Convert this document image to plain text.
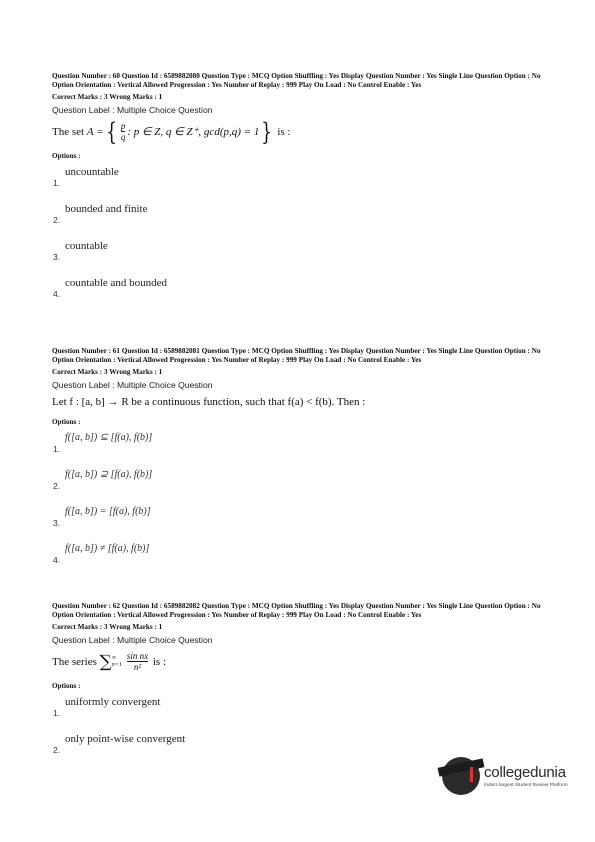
Question Number : 60 Question Id : 6589882080 Question Type : MCQ Option Shuffling : Yes Display Question Number : Yes Single Line Question Option : No Option Orientation : Vertical Allowed Progression : Yes Number of Replay : 999 Play On Load : No Control Enable : Yes
Correct Marks : 3 Wrong Marks : 1
Question Label : Multiple Choice Question
The set
A = { $\frac{p}{q}$ : p ∈ Z, q ∈ Z⁺, gcd(p,q) = 1 }
is :
Options :
1.
uncountable
2.
bounded and finite
3.
countable
4.
countable and bounded
Question Number : 61 Question Id : 6589882081 Question Type : MCQ Option Shuffling : Yes Display Question Number : Yes Single Line Question Option : No Option Orientation : Vertical Allowed Progression : Yes Number of Replay : 999 Play On Load : No Control Enable : Yes
Correct Marks : 3 Wrong Marks : 1
Question Label : Multiple Choice Question
Let f : [a, b] → R be a continuous function, such that f(a) < f(b). Then :
Options :
1.
f([a, b]) ⊆ [f(a), f(b)]
2.
f([a, b]) ⊇ [f(a), f(b)]
3.
f([a, b]) = [f(a), f(b)]
4.
f([a, b]) ≠ [f(a), f(b)]
Question Number : 62 Question Id : 6589882082 Question Type : MCQ Option Shuffling : Yes Display Question Number : Yes Single Line Question Option : No Option Orientation : Vertical Allowed Progression : Yes Number of Replay : 999 Play On Load : No Control Enable : Yes
Correct Marks : 3 Wrong Marks : 1
Question Label : Multiple Choice Question
The series
∑ ∞
$n=1 \frac{\text{sin nx}}{\text{n²}}$
is :
Options :
1.
uniformly convergent
2.
only point-wise convergent
collegedunia
India's largest Student Review Platform
